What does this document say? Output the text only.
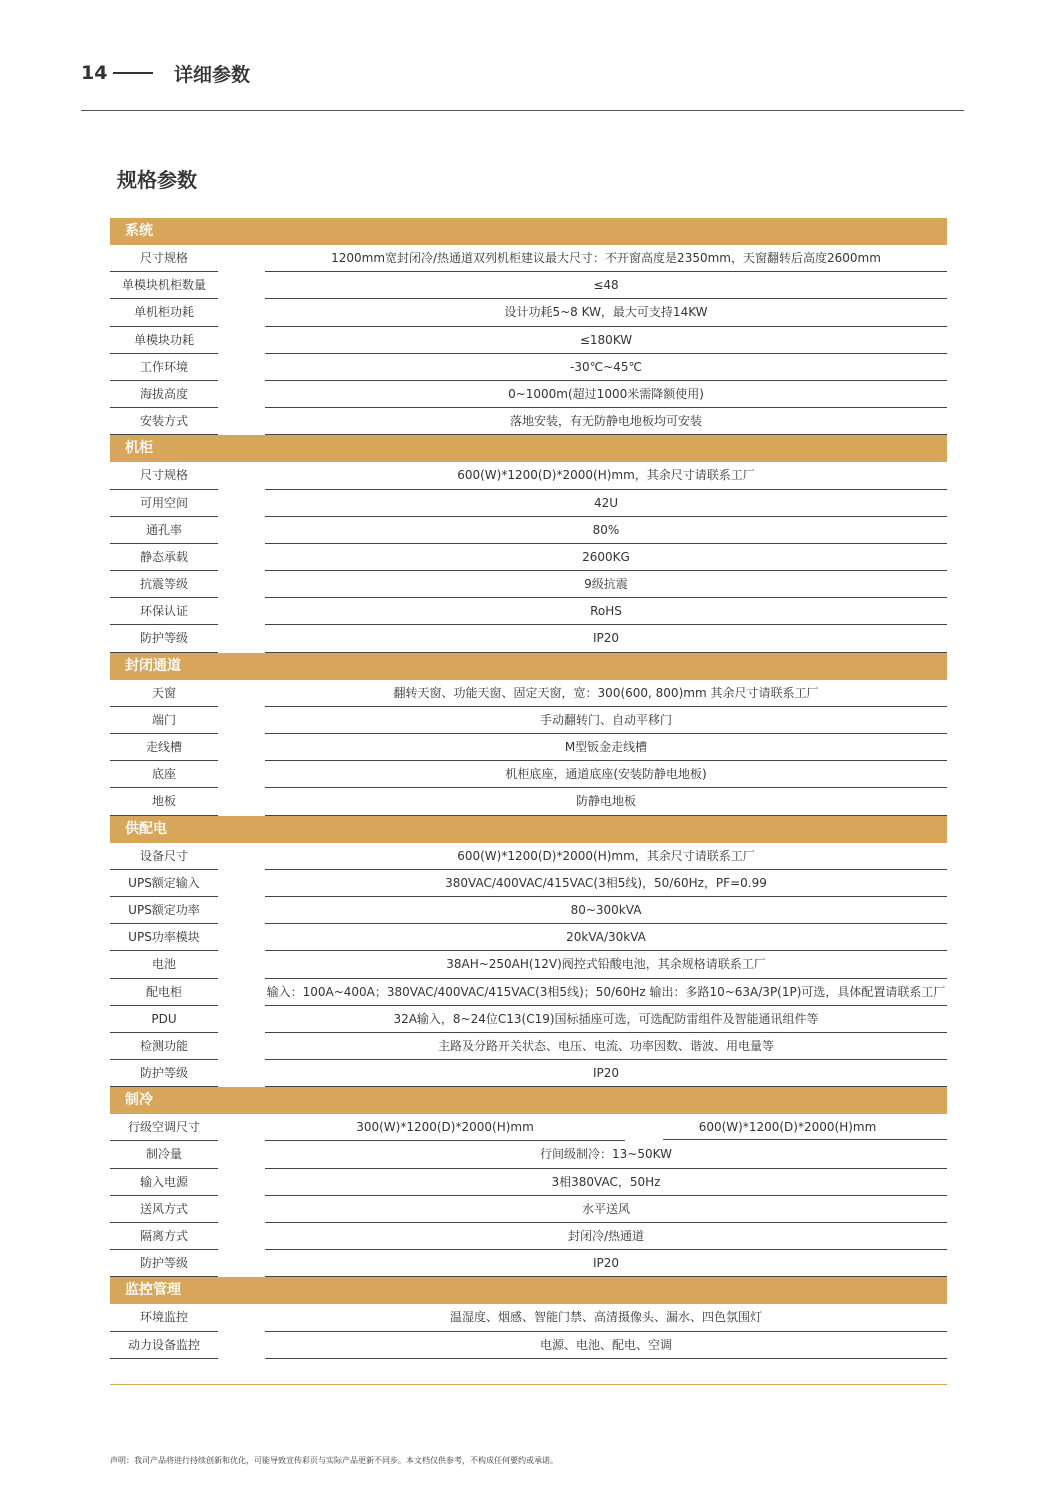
14	详细参数
规格参数
系统
尺寸规格	1200mm宽封闭冷/热通道双列机柜建议最大尺寸：不开窗高度是2350mm，天窗翻转后高度2600mm
单模块机柜数量	≤48
单机柜功耗	设计功耗5~8 KW，最大可支持14KW
单模块功耗	≤180KW
工作环境	-30℃~45℃
海拔高度	0~1000m(超过1000米需降额使用)
安装方式	落地安装，有无防静电地板均可安装
机柜
尺寸规格	600(W)*1200(D)*2000(H)mm，其余尺寸请联系工厂
可用空间	42U
通孔率	80%
静态承载	2600KG
抗震等级	9级抗震
环保认证	RoHS
防护等级	IP20
封闭通道
天窗	翻转天窗、功能天窗、固定天窗，宽：300(600, 800)mm 其余尺寸请联系工厂
端门	手动翻转门、自动平移门
走线槽	M型钣金走线槽
底座	机柜底座，通道底座(安装防静电地板)
地板	防静电地板
供配电
设备尺寸	600(W)*1200(D)*2000(H)mm，其余尺寸请联系工厂
UPS额定输入	380VAC/400VAC/415VAC(3相5线)，50/60Hz，PF=0.99
UPS额定功率	80~300kVA
UPS功率模块	20kVA/30kVA
电池	38AH~250AH(12V)阀控式铅酸电池，其余规格请联系工厂
配电柜	输入：100A~400A；380VAC/400VAC/415VAC(3相5线)；50/60Hz 输出：多路10~63A/3P(1P)可选，具体配置请联系工厂
PDU	32A输入，8~24位C13(C19)国标插座可选，可选配防雷组件及智能通讯组件等
检测功能	主路及分路开关状态、电压、电流、功率因数、谐波、用电量等
防护等级	IP20
制冷
行级空调尺寸	300(W)*1200(D)*2000(H)mm	600(W)*1200(D)*2000(H)mm
制冷量	行间级制冷：13~50KW
输入电源	3相380VAC，50Hz
送风方式	水平送风
隔离方式	封闭冷/热通道
防护等级	IP20
监控管理
环境监控	温湿度、烟感、智能门禁、高清摄像头、漏水、四色氛围灯
动力设备监控	电源、电池、配电、空调
声明：我司产品将进行持续创新和优化，可能导致宣传彩页与实际产品更新不同步。本文档仅供参考，不构成任何要约或承诺。
